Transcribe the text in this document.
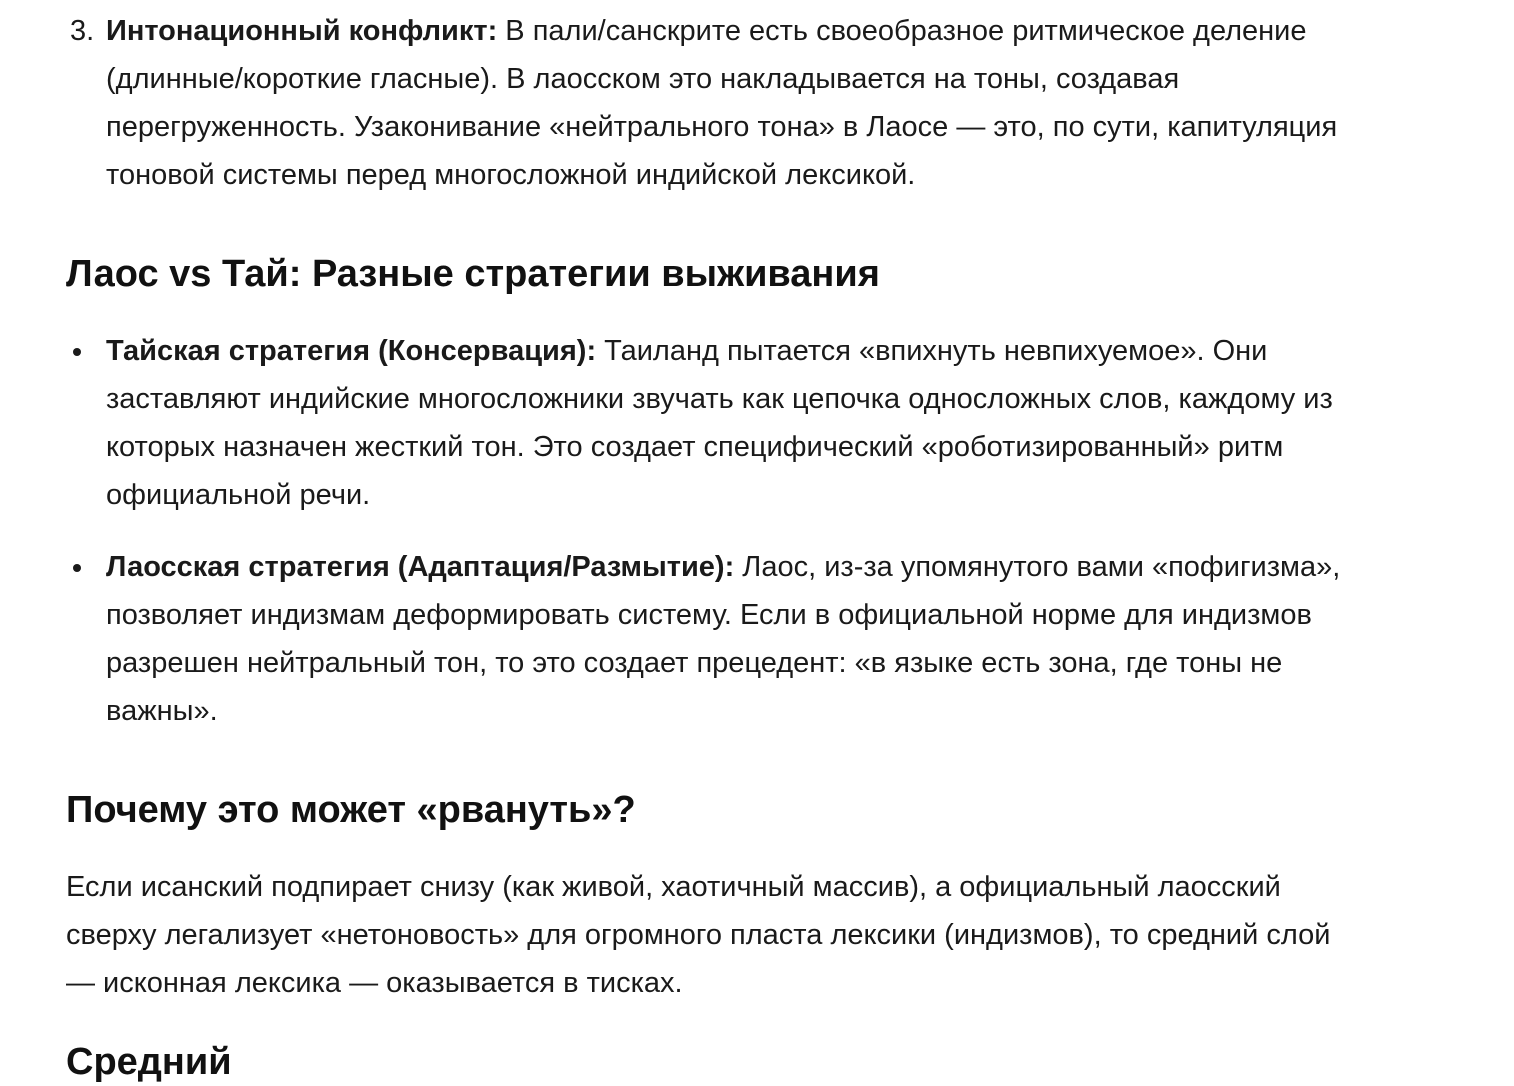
3. Интонационный конфликт: В пали/санскрите есть своеобразное ритмическое деление (длинные/короткие гласные). В лаосском это накладывается на тоны, создавая перегруженность. Узаконивание «нейтрального тона» в Лаосе — это, по сути, капитуляция тоновой системы перед многосложной индийской лексикой.
Лаос vs Тай: Разные стратегии выживания
Тайская стратегия (Консервация): Таиланд пытается «впихнуть невпихуемое». Они заставляют индийские многосложники звучать как цепочка односложных слов, каждому из которых назначен жесткий тон. Это создает специфический «роботизированный» ритм официальной речи.
Лаосская стратегия (Адаптация/Размытие): Лаос, из-за упомянутого вами «пофигизма», позволяет индизмам деформировать систему. Если в официальной норме для индизмов разрешен нейтральный тон, то это создает прецедент: «в языке есть зона, где тоны не важны».
Почему это может «рвануть»?

Если исанский подпирает снизу (как живой, хаотичный массив), а официальный лаосский сверху легализует «нетоновость» для огромного пласта лексики (индизмов), то средний слой — исконная лексика — оказывается в тисках.

Средний
